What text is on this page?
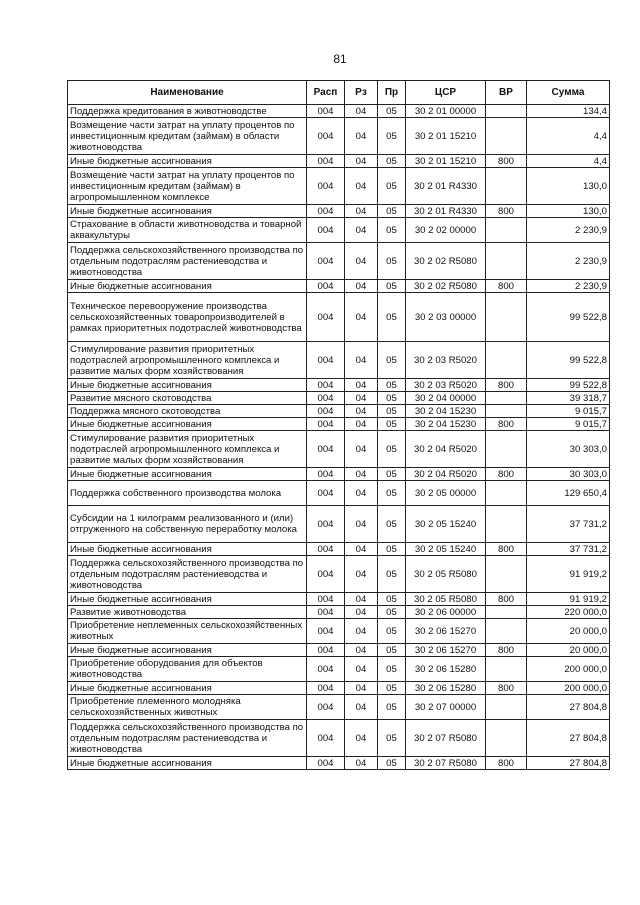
81
Наименование	Расп	Рз	Пр	ЦСР	ВР	Сумма
Поддержка кредитования в животноводстве	004	04	05	30 2 01 00000		134,4
Возмещение части затрат на уплату процентов по инвестиционным кредитам (займам) в области животноводства	004	04	05	30 2 01 15210		4,4
Иные бюджетные ассигнования	004	04	05	30 2 01 15210	800	4,4
Возмещение части затрат на уплату процентов по инвестиционным кредитам (займам) в агропромышленном комплексе	004	04	05	30 2 01 R4330		130,0
Иные бюджетные ассигнования	004	04	05	30 2 01 R4330	800	130,0
Страхование в области животноводства и товарной аквакультуры	004	04	05	30 2 02 00000		2 230,9
Поддержка сельскохозяйственного производства по отдельным подотраслям растениеводства и животноводства	004	04	05	30 2 02 R5080		2 230,9
Иные бюджетные ассигнования	004	04	05	30 2 02 R5080	800	2 230,9
Техническое перевооружение производства сельскохозяйственных товаропроизводителей в рамках приоритетных подотраслей животноводства	004	04	05	30 2 03 00000		99 522,8
Стимулирование развития приоритетных подотраслей агропромышленного комплекса и развитие малых форм хозяйствования	004	04	05	30 2 03 R5020		99 522,8
Иные бюджетные ассигнования	004	04	05	30 2 03 R5020	800	99 522,8
Развитие мясного скотоводства	004	04	05	30 2 04 00000		39 318,7
Поддержка мясного скотоводства	004	04	05	30 2 04 15230		9 015,7
Иные бюджетные ассигнования	004	04	05	30 2 04 15230	800	9 015,7
Стимулирование развития приоритетных подотраслей агропромышленного комплекса и развитие малых форм хозяйствования	004	04	05	30 2 04 R5020		30 303,0
Иные бюджетные ассигнования	004	04	05	30 2 04 R5020	800	30 303,0
Поддержка собственного производства молока	004	04	05	30 2 05 00000		129 650,4
Субсидии на 1 килограмм реализованного и (или) отгруженного на собственную переработку молока	004	04	05	30 2 05 15240		37 731,2
Иные бюджетные ассигнования	004	04	05	30 2 05 15240	800	37 731,2
Поддержка сельскохозяйственного производства по отдельным подотраслям растениеводства и животноводства	004	04	05	30 2 05 R5080		91 919,2
Иные бюджетные ассигнования	004	04	05	30 2 05 R5080	800	91 919,2
Развитие животноводства	004	04	05	30 2 06 00000		220 000,0
Приобретение неплеменных сельскохозяйственных животных	004	04	05	30 2 06 15270		20 000,0
Иные бюджетные ассигнования	004	04	05	30 2 06 15270	800	20 000,0
Приобретение оборудования для объектов животноводства	004	04	05	30 2 06 15280		200 000,0
Иные бюджетные ассигнования	004	04	05	30 2 06 15280	800	200 000,0
Приобретение племенного молодняка сельскохозяйственных животных	004	04	05	30 2 07 00000		27 804,8
Поддержка сельскохозяйственного производства по отдельным подотраслям растениеводства и животноводства	004	04	05	30 2 07 R5080		27 804,8
Иные бюджетные ассигнования	004	04	05	30 2 07 R5080	800	27 804,8
